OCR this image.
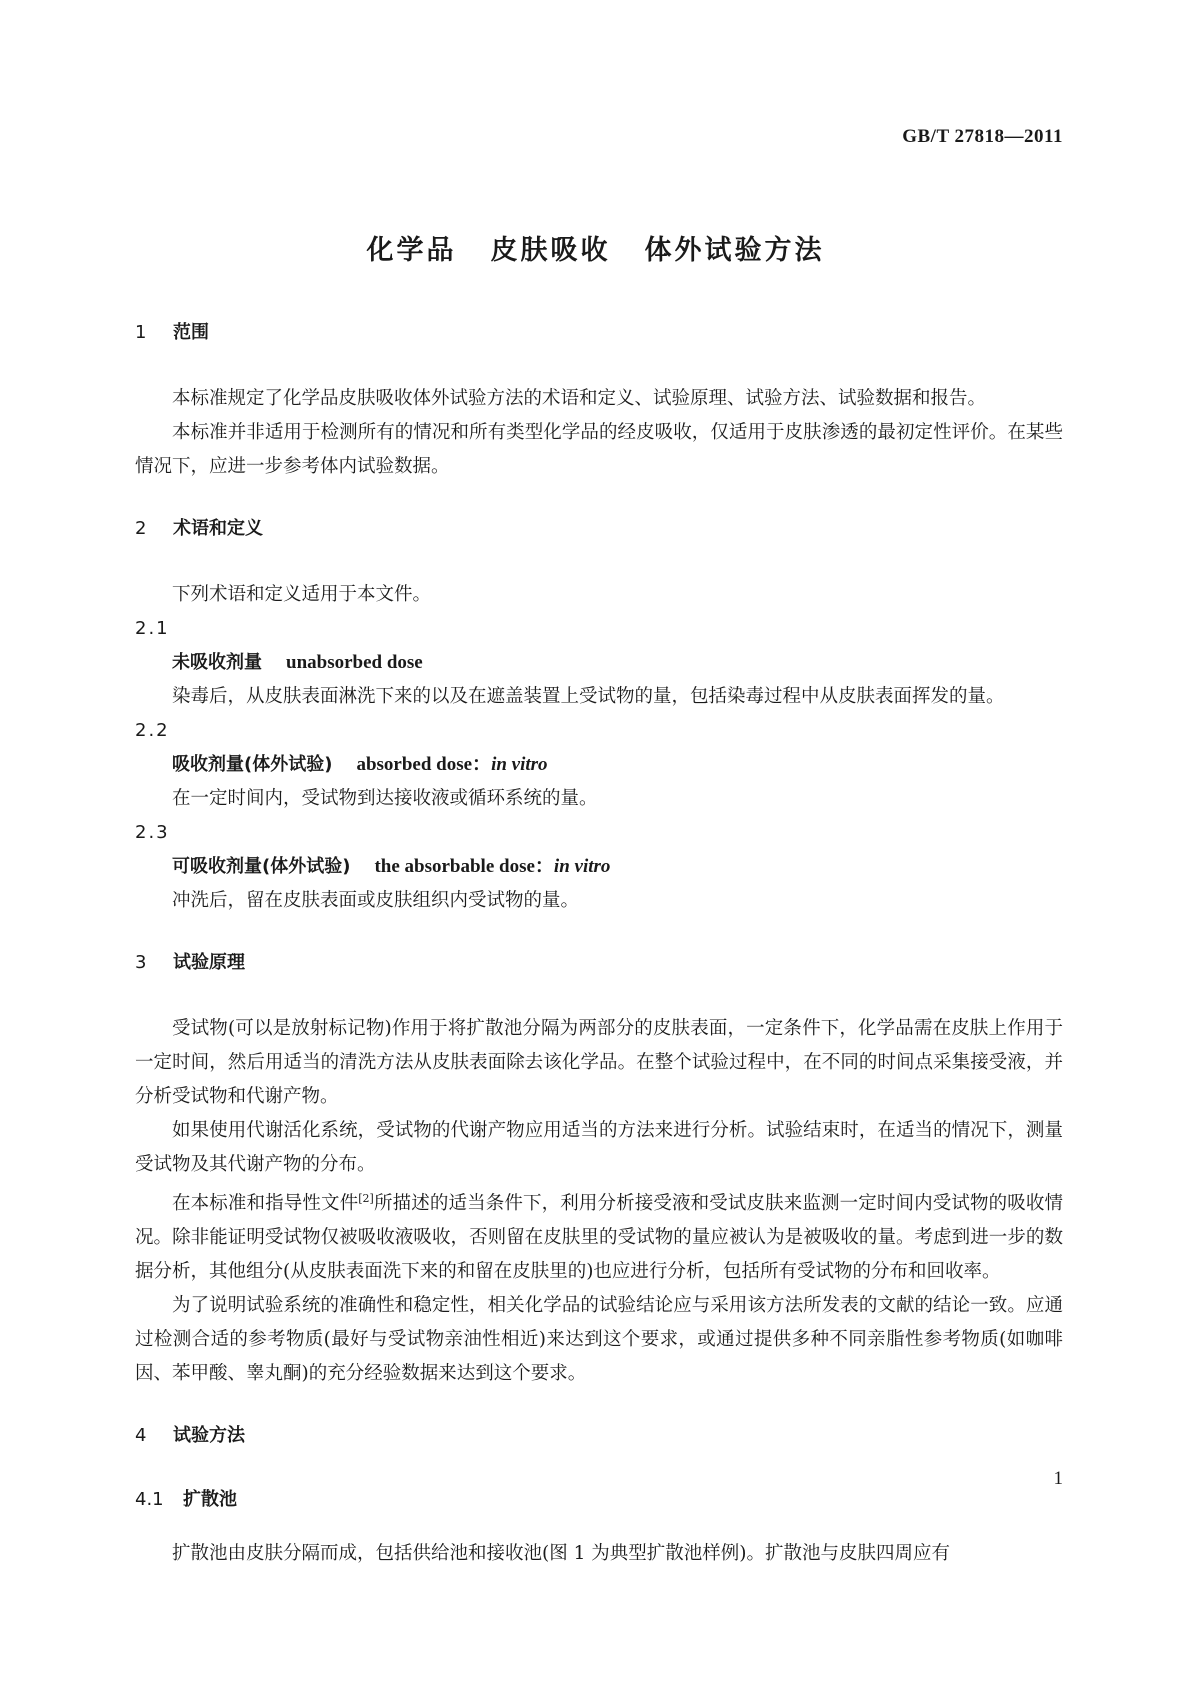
GB/T 27818—2011
化学品 皮肤吸收 体外试验方法
1 范围

本标准规定了化学品皮肤吸收体外试验方法的术语和定义、试验原理、试验方法、试验数据和报告。

本标准并非适用于检测所有的情况和所有类型化学品的经皮吸收，仅适用于皮肤渗透的最初定性评价。在某些情况下，应进一步参考体内试验数据。

2 术语和定义

下列术语和定义适用于本文件。

2.1
未吸收剂量 unabsorbed dose

染毒后，从皮肤表面淋洗下来的以及在遮盖装置上受试物的量，包括染毒过程中从皮肤表面挥发的量。

2.2
吸收剂量(体外试验) absorbed dose：in vitro

在一定时间内，受试物到达接收液或循环系统的量。

2.3
可吸收剂量(体外试验) the absorbable dose：in vitro

冲洗后，留在皮肤表面或皮肤组织内受试物的量。

3 试验原理

受试物(可以是放射标记物)作用于将扩散池分隔为两部分的皮肤表面，一定条件下，化学品需在皮肤上作用于一定时间，然后用适当的清洗方法从皮肤表面除去该化学品。在整个试验过程中，在不同的时间点采集接受液，并分析受试物和代谢产物。

如果使用代谢活化系统，受试物的代谢产物应用适当的方法来进行分析。试验结束时，在适当的情况下，测量受试物及其代谢产物的分布。

在本标准和指导性文件[2]所描述的适当条件下，利用分析接受液和受试皮肤来监测一定时间内受试物的吸收情况。除非能证明受试物仅被吸收液吸收，否则留在皮肤里的受试物的量应被认为是被吸收的量。考虑到进一步的数据分析，其他组分(从皮肤表面洗下来的和留在皮肤里的)也应进行分析，包括所有受试物的分布和回收率。

为了说明试验系统的准确性和稳定性，相关化学品的试验结论应与采用该方法所发表的文献的结论一致。应通过检测合适的参考物质(最好与受试物亲油性相近)来达到这个要求，或通过提供多种不同亲脂性参考物质(如咖啡因、苯甲酸、睾丸酮)的充分经验数据来达到这个要求。

4 试验方法
4.1 扩散池

扩散池由皮肤分隔而成，包括供给池和接收池(图 1 为典型扩散池样例)。扩散池与皮肤四周应有

1
